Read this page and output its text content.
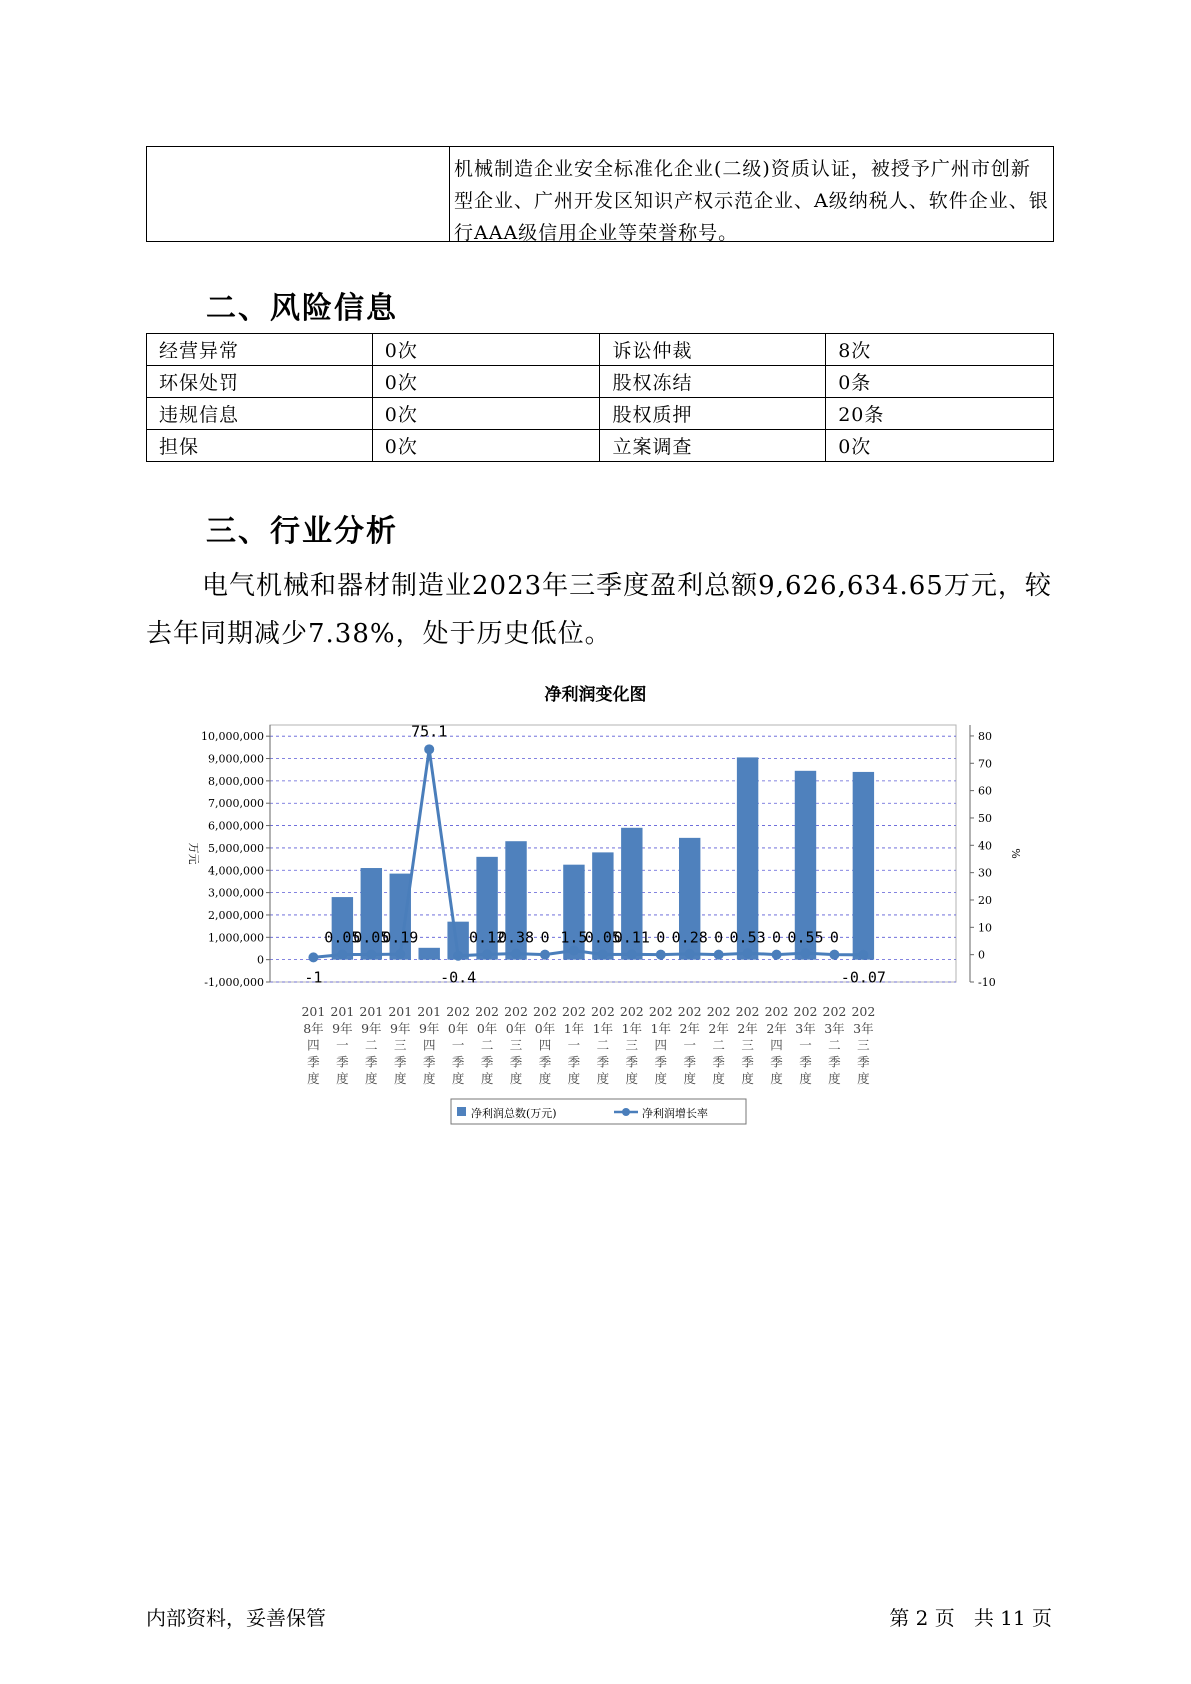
机械制造企业安全标准化企业(二级)资质认证，被授予广州市创新型企业、广州开发区知识产权示范企业、A级纳税人、软件企业、银行AAA级信用企业等荣誉称号。
二、风险信息
经营异常	0次	诉讼仲裁	8次
环保处罚	0次	股权冻结	0条
违规信息	0次	股权质押	20条
担保	0次	立案调查	0次
三、行业分析

电气机械和器材制造业2023年三季度盈利总额9,626,634.65万元，较去年同期减少7.38%，处于历史低位。

净利润变化图
10,000,000
9,000,000
8,000,000
7,000,000
6,000,000
5,000,000
4,000,000
3,000,000
2,000,000
1,000,000
0
-1,000,000
80
70
60
50
40
30
20
10
0
-10
万元	%
-1
0.05
0.05
0.19
75.1
-0.4
0.12
0.38 0 1.5
0.05
0.11 0 0.28 0 0.53 0 0.55 0
-0.07
201 8年四季度
201 9年一季度
201 9年二季度
201 9年三季度
201 9年四季度
202 0年一季度
202 0年二季度
202 0年三季度
202 0年四季度
202 1年一季度
202 1年二季度
202 1年三季度
202 1年四季度
202 2年一季度
202 2年二季度
202 2年三季度
202 2年四季度
202 3年一季度
202 3年二季度
202 3年三季度
净利润总数(万元)	净利润增长率
内部资料，妥善保管	第 2 页   共 11 页
